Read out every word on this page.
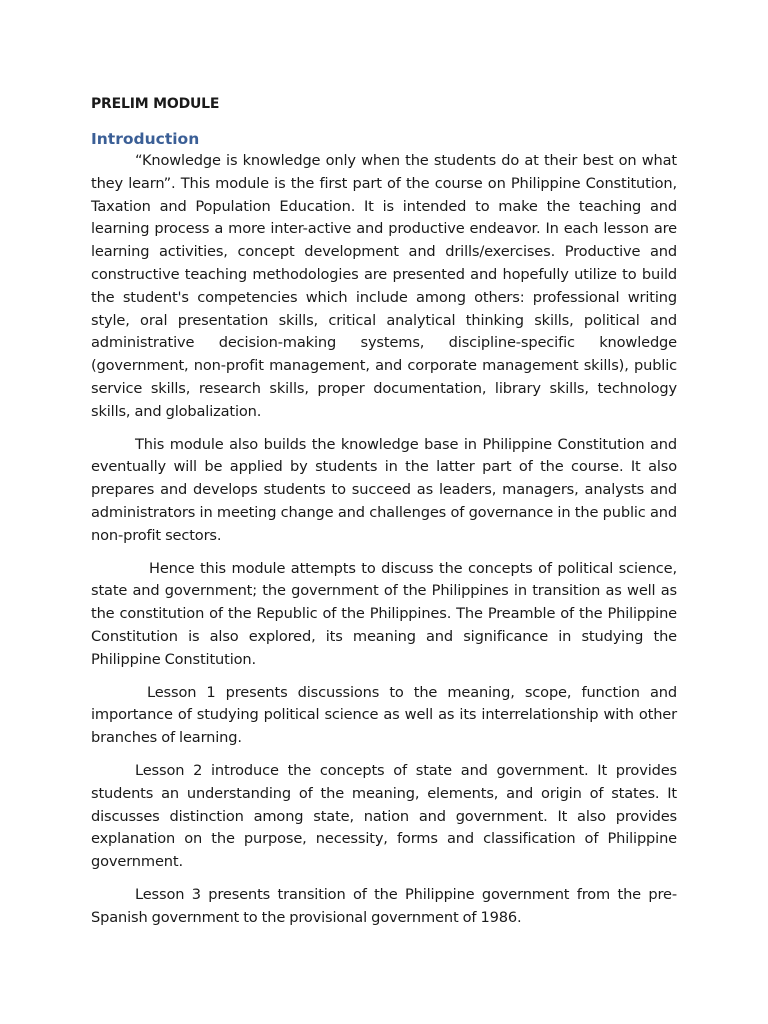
PRELIM MODULE

Introduction

“Knowledge is knowledge only when the students do at their best on what they learn”. This module is the first part of the course on Philippine Constitution, Taxation and Population Education. It is intended to make the teaching and learning process a more inter-active and productive endeavor. In each lesson are learning activities, concept development and drills/exercises. Productive and constructive teaching methodologies are presented and hopefully utilize to build the student's competencies which include among others: professional writing style, oral presentation skills, critical analytical thinking skills, political and administrative decision-making systems, discipline-specific knowledge (government, non-profit management, and corporate management skills), public service skills, research skills, proper documentation, library skills, technology skills, and globalization.

This module also builds the knowledge base in Philippine Constitution and eventually will be applied by students in the latter part of the course. It also prepares and develops students to succeed as leaders, managers, analysts and administrators in meeting change and challenges of governance in the public and non-profit sectors.

Hence this module attempts to discuss the concepts of political science, state and government; the government of the Philippines in transition as well as the constitution of the Republic of the Philippines. The Preamble of the Philippine Constitution is also explored, its meaning and significance in studying the Philippine Constitution.

Lesson 1 presents discussions to the meaning, scope, function and importance of studying political science as well as its interrelationship with other branches of learning.

Lesson 2 introduce the concepts of state and government. It provides students an understanding of the meaning, elements, and origin of states. It discusses distinction among state, nation and government. It also provides explanation on the purpose, necessity, forms and classification of Philippine government.

Lesson 3 presents transition of the Philippine government from the pre-Spanish government to the provisional government of 1986.
